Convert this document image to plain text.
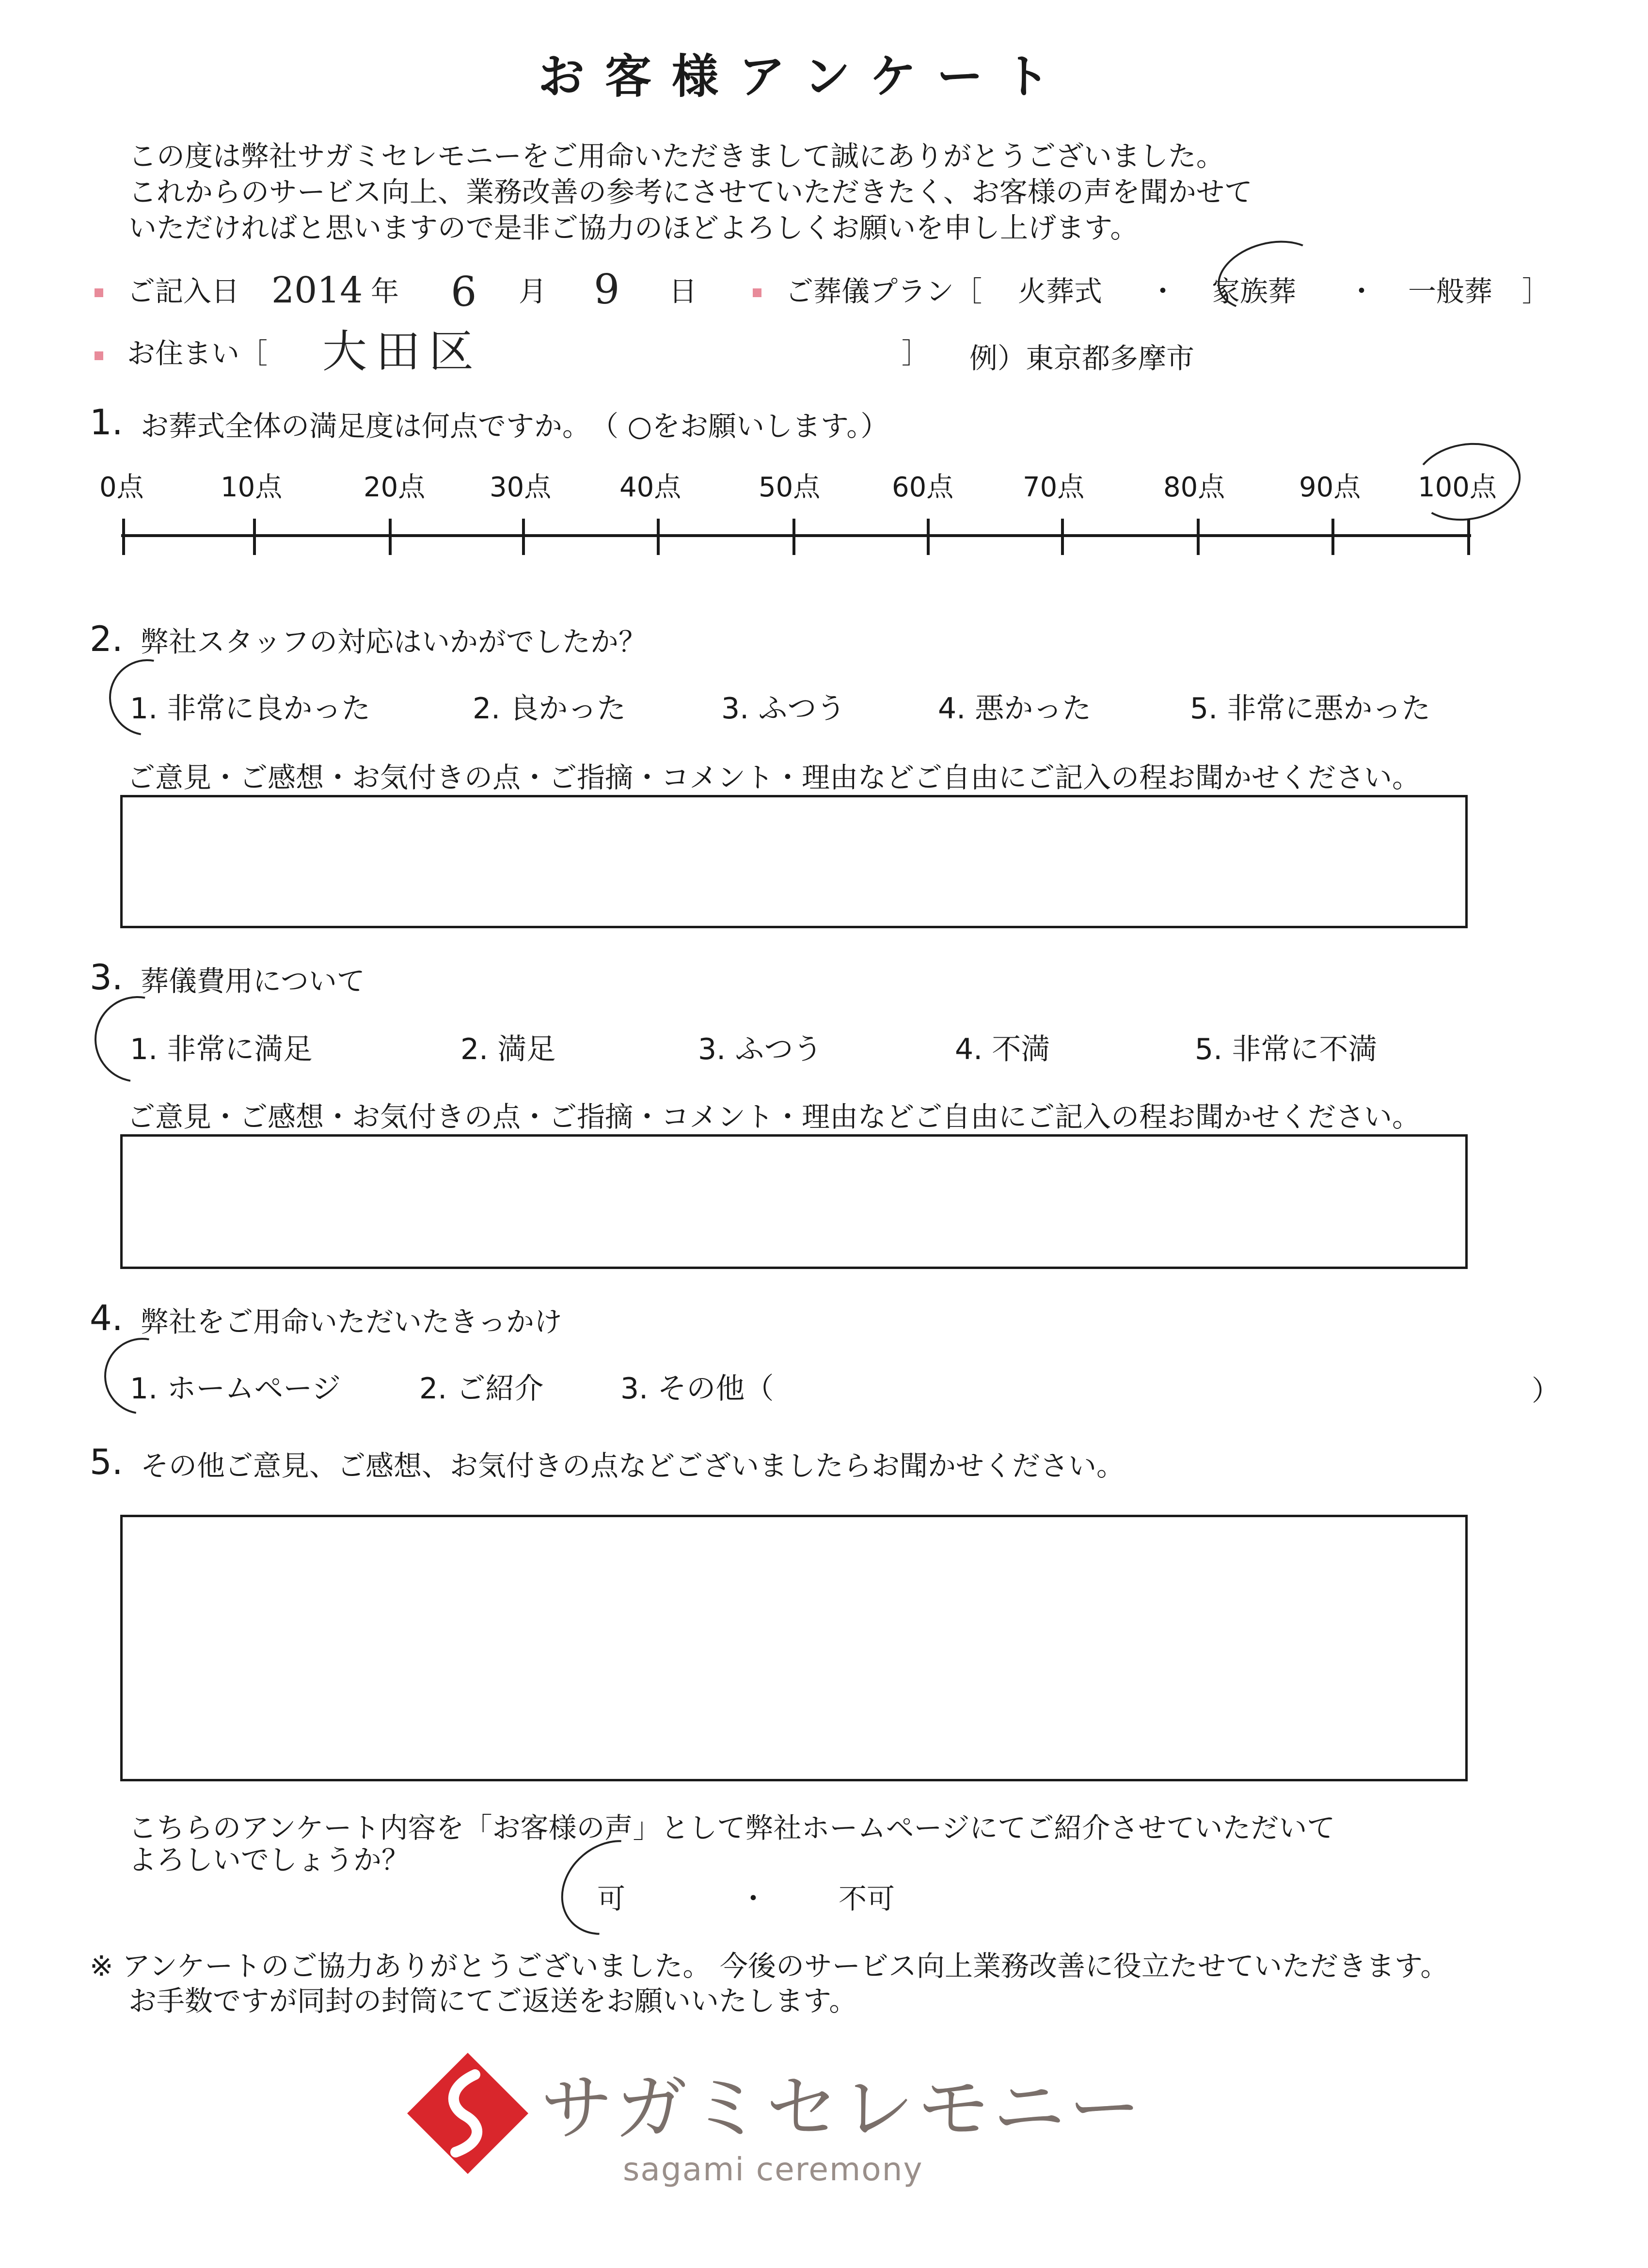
お客様アンケート
この度は弊社サガミセレモニーをご用命いただきまして誠にありがとうございました。
これからのサービス向上、業務改善の参考にさせていただきたく、お客様の声を聞かせて
いただければと思いますので是非ご協力のほどよろしくお願いを申し上げます。
ご記入日 2014 年 6 月 9 日	ご葬儀プラン［ 火葬式 ・ 家族葬 ・ 一般葬 ］
お住まい［ 大田区	］ 例）東京都多摩市
1. お葬式全体の満足度は何点ですか。　（ ○をお願いします。）
0点	10点	20点 30点	40点	50点	60点	70点	80点	90点 100点
2. 弊社スタッフの対応はいかがでしたか？
1. 非常に良かった	2. 良かった	3. ふつう	4. 悪かった	5. 非常に悪かった
ご意見・ご感想・お気付きの点・ご指摘・コメント・理由などご自由にご記入の程お聞かせください。
3. 葬儀費用について
1. 非常に満足	2. 満足	3. ふつう	4. 不満	5. 非常に不満
ご意見・ご感想・お気付きの点・ご指摘・コメント・理由などご自由にご記入の程お聞かせください。
4. 弊社をご用命いただいたきっかけ
1. ホームページ	2. ご紹介	3. その他（	）
5. その他ご意見、ご感想、お気付きの点などございましたらお聞かせください。
こちらのアンケート内容を「お客様の声」として弊社ホームページにてご紹介させていただいて
よろしいでしょうか？
可	・	不可
※ アンケートのご協力ありがとうございました。 今後のサービス向上業務改善に役立たせていただきます。
お手数ですが同封の封筒にてご返送をお願いいたします。
サガミセレモニー
sagami ceremony
